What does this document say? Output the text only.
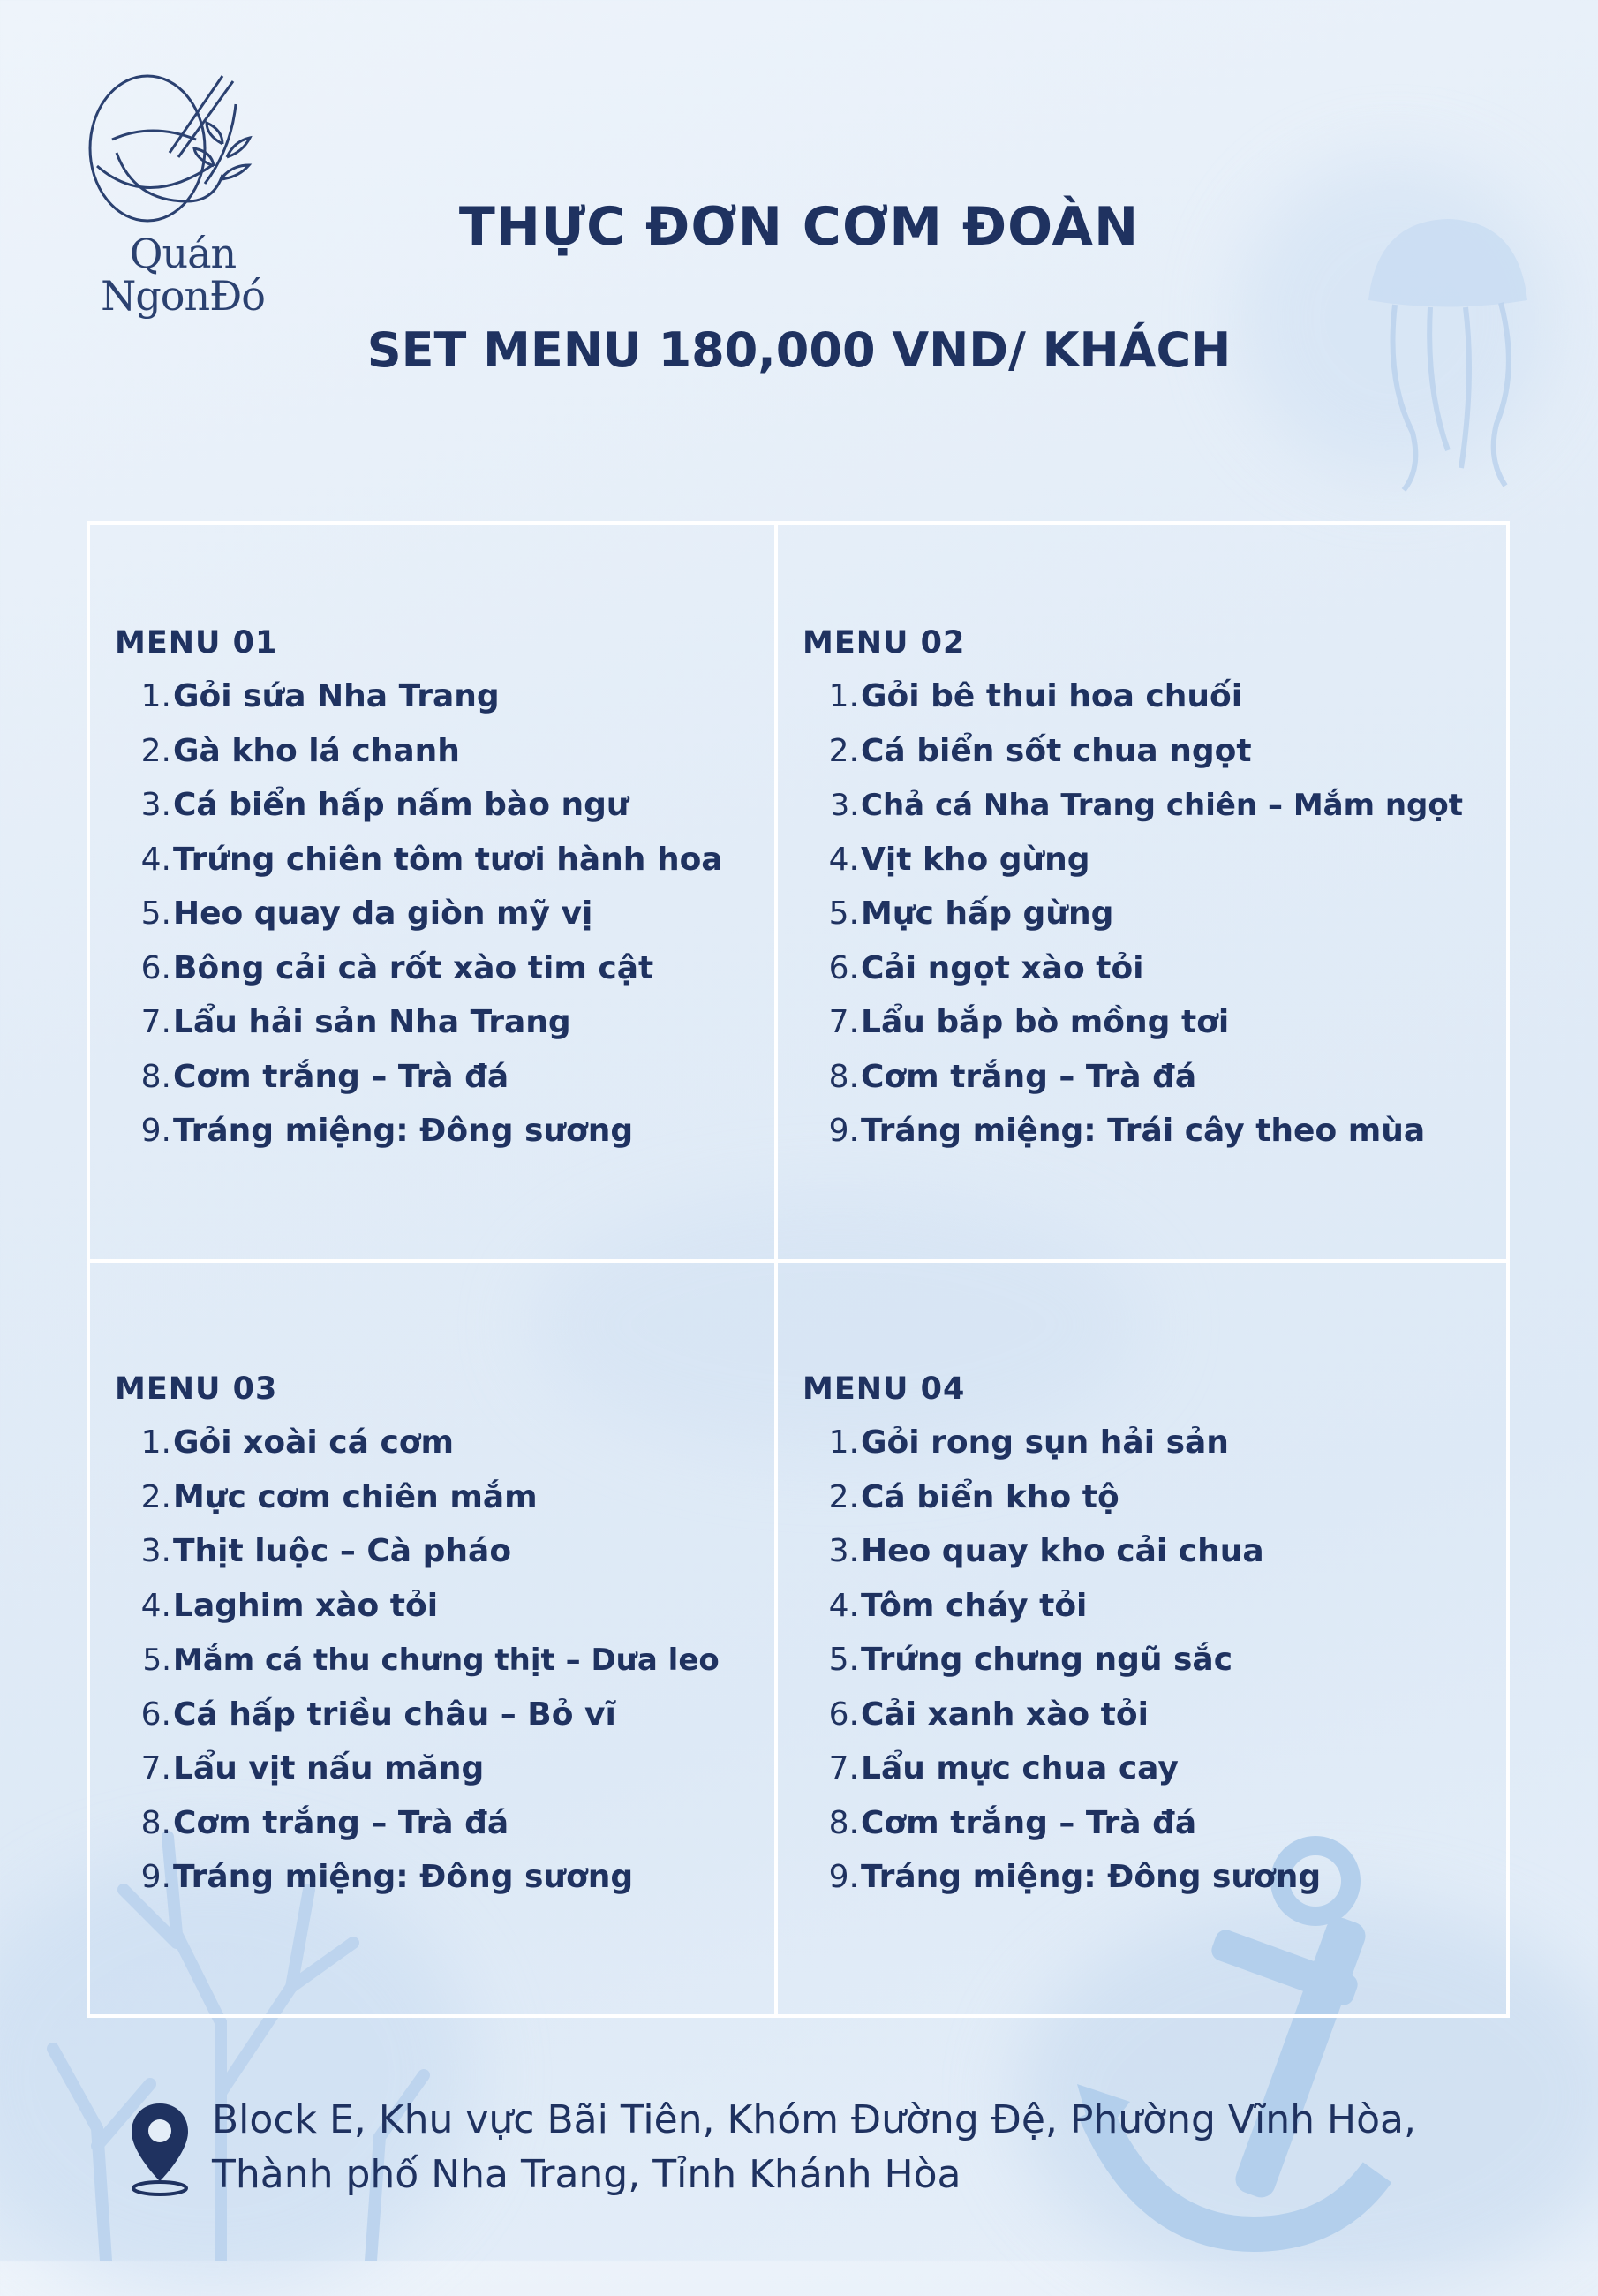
Quán
NgonĐó
THỰC ĐƠN CƠM ĐOÀN
SET MENU 180,000 VND/ KHÁCH
MENU 01
1. Gỏi sứa Nha Trang
2. Gà kho lá chanh
3. Cá biển hấp nấm bào ngư
4. Trứng chiên tôm tươi hành hoa
5. Heo quay da giòn mỹ vị
6. Bông cải cà rốt xào tim cật
7. Lẩu hải sản Nha Trang
8. Cơm trắng – Trà đá
9. Tráng miệng: Đông sương
MENU 02
1. Gỏi bê thui hoa chuối
2. Cá biển sốt chua ngọt
3. Chả cá Nha Trang chiên – Mắm ngọt
4. Vịt kho gừng
5. Mực hấp gừng
6. Cải ngọt xào tỏi
7. Lẩu bắp bò mồng tơi
8. Cơm trắng – Trà đá
9. Tráng miệng: Trái cây theo mùa
MENU 03
1. Gỏi xoài cá cơm
2. Mực cơm chiên mắm
3. Thịt luộc – Cà pháo
4. Laghim xào tỏi
5. Mắm cá thu chưng thịt – Dưa leo
6. Cá hấp triều châu – Bỏ vĩ
7. Lẩu vịt nấu măng
8. Cơm trắng – Trà đá
9. Tráng miệng: Đông sương
MENU 04
1. Gỏi rong sụn hải sản
2. Cá biển kho tộ
3. Heo quay kho cải chua
4. Tôm cháy tỏi
5. Trứng chưng ngũ sắc
6. Cải xanh xào tỏi
7. Lẩu mực chua cay
8. Cơm trắng – Trà đá
9. Tráng miệng: Đông sương
Block E, Khu vực Bãi Tiên, Khóm Đường Đệ, Phường Vĩnh Hòa,
Thành phố Nha Trang, Tỉnh Khánh Hòa
